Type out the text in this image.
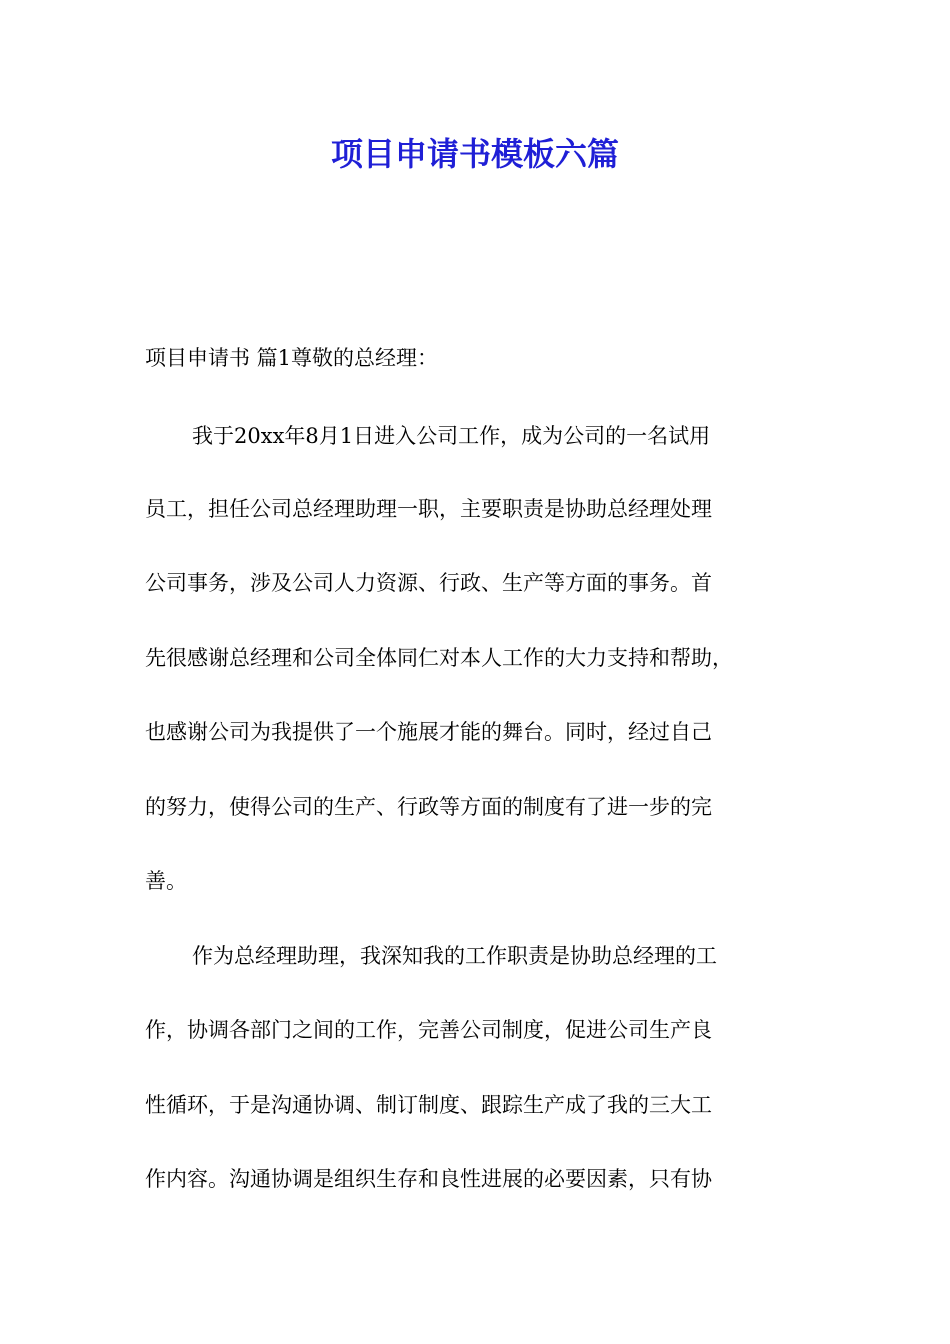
项目申请书模板六篇
项目申请书 篇1尊敬的总经理：
我于20xx年8月1日进入公司工作，成为公司的一名试用
员工，担任公司总经理助理一职，主要职责是协助总经理处理
公司事务，涉及公司人力资源、行政、生产等方面的事务。首
先很感谢总经理和公司全体同仁对本人工作的大力支持和帮助，
也感谢公司为我提供了一个施展才能的舞台。同时，经过自己
的努力，使得公司的生产、行政等方面的制度有了进一步的完
善。
作为总经理助理，我深知我的工作职责是协助总经理的工
作，协调各部门之间的工作，完善公司制度，促进公司生产良
性循环，于是沟通协调、制订制度、跟踪生产成了我的三大工
作内容。沟通协调是组织生存和良性进展的必要因素，只有协
